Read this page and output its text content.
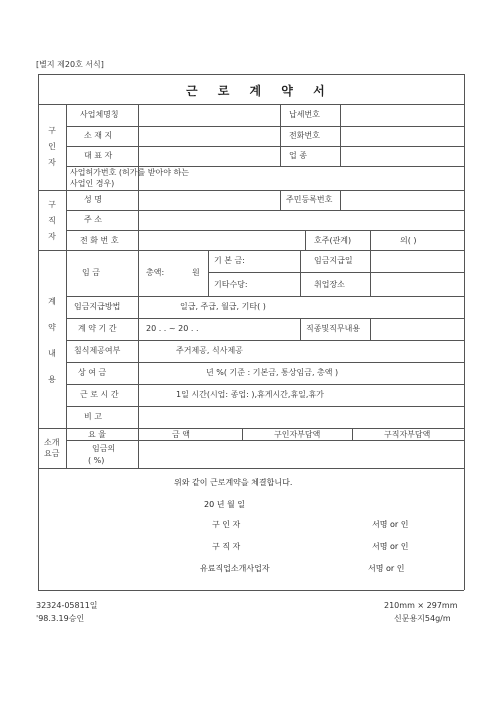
[별지 제20호 서식]
근 로 계 약 서
구
인
자
사업체명칭	납세번호
소 재 지	전화번호
대 표 자	업 종
사업허가번호 (허가를 받아야 하는
사업인 경우)
구
직
자
성 명	주민등록번호
주 소
전 화 번 호	호주(관계)	의( )
계
약
내
용
임 금	총액:	원
기 본 금:	임금지급일
기타수당:	취업장소
임금지급방법	일급, 주급, 월급, 기타( )
계 약 기 간	20 . . ~ 20 . .	직종및직무내용
침식제공여부	주거제공, 식사제공
상 여 금	년 %( 기준 : 기본금, 통상임금, 총액 )
근 로 시 간	1일 시간(시업: 종업: ),휴게시간,휴일,휴가
비 고
소개
요금
요 율	금 액	구인자부담액	구직자부담액
임금의
( %)
위와 같이 근로계약을 체결합니다.
20 년 월 일
구 인 자	서명 or 인
구 직 자	서명 or 인
유료직업소개사업자	서명 or 인
32324-05811일
'98.3.19승인
210mm × 297mm
신문용지54g/m
